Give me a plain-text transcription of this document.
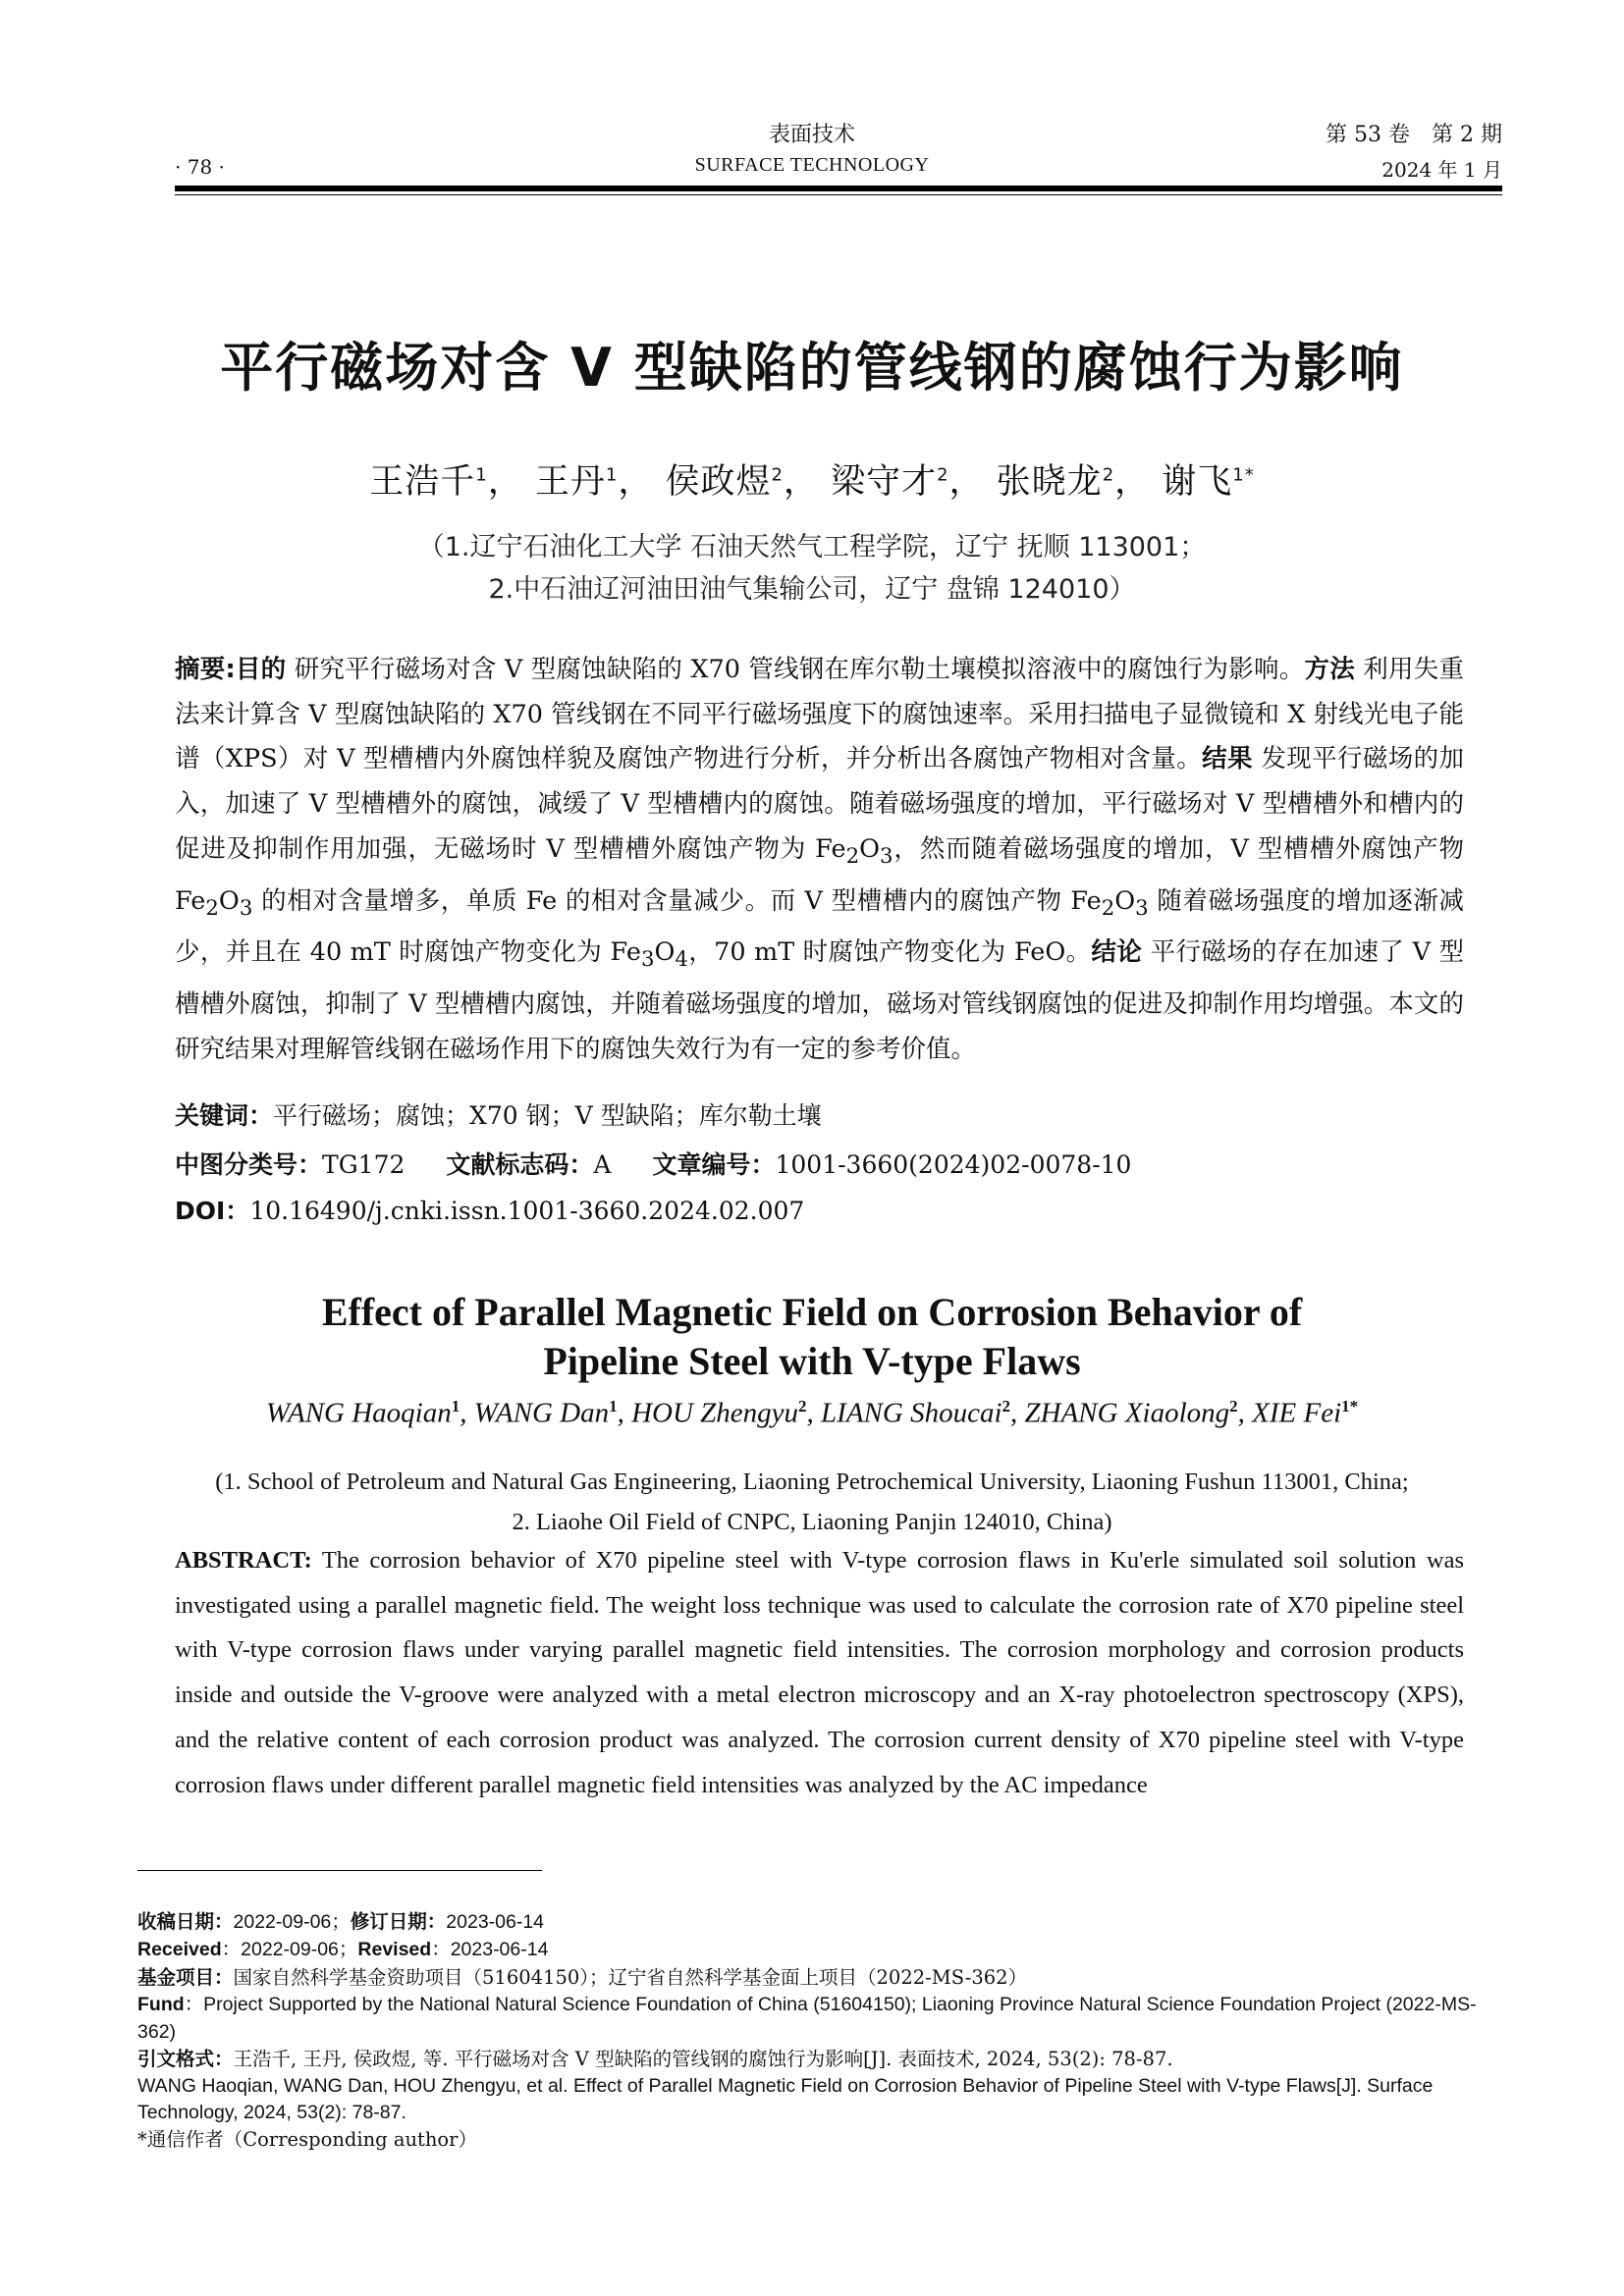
· 78 ·
表面技术
SURFACE TECHNOLOGY
第 53 卷　第 2 期
2024 年 1 月
平行磁场对含 V 型缺陷的管线钢的腐蚀行为影响
王浩千$^1$， 王丹$^1$， 侯政煜$^2$， 梁守才$^2$， 张晓龙$^2$， 谢飞$^{1*}$
（1.辽宁石油化工大学 石油天然气工程学院，辽宁 抚顺 113001；
2.中石油辽河油田油气集输公司，辽宁 盘锦 124010）
摘要:目的 研究平行磁场对含 V 型腐蚀缺陷的 X70 管线钢在库尔勒土壤模拟溶液中的腐蚀行为影响。方法 利用失重法来计算含 V 型腐蚀缺陷的 X70 管线钢在不同平行磁场强度下的腐蚀速率。采用扫描电子显微镜和 X 射线光电子能谱（XPS）对 V 型槽槽内外腐蚀样貌及腐蚀产物进行分析，并分析出各腐蚀产物相对含量。结果 发现平行磁场的加入，加速了 V 型槽槽外的腐蚀，减缓了 V 型槽槽内的腐蚀。随着磁场强度的增加，平行磁场对 V 型槽槽外和槽内的促进及抑制作用加强，无磁场时 V 型槽槽外腐蚀产物为 $Fe_2O_3$，然而随着磁场强度的增加，V 型槽槽外腐蚀产物 $Fe_2O_3$ 的相对含量增多，单质 Fe 的相对含量减少。而 V 型槽槽内的腐蚀产物 $Fe_2O_3$ 随着磁场强度的增加逐渐减少，并且在 40 mT 时腐蚀产物变化为 $Fe_3O_4$，70 mT 时腐蚀产物变化为 FeO。结论 平行磁场的存在加速了 V 型槽槽外腐蚀，抑制了 V 型槽槽内腐蚀，并随着磁场强度的增加，磁场对管线钢腐蚀的促进及抑制作用均增强。本文的研究结果对理解管线钢在磁场作用下的腐蚀失效行为有一定的参考价值。
关键词：平行磁场；腐蚀；X70 钢；V 型缺陷；库尔勒土壤
中图分类号：TG172 文献标志码：A 文章编号：1001-3660(2024)02-0078-10
DOI：10.16490/j.cnki.issn.1001-3660.2024.02.007
Effect of Parallel Magnetic Field on Corrosion Behavior of
Pipeline Steel with V-type Flaws
WANG Haoqian$^1$, WANG Dan$^1$, HOU Zhengyu$^2$, LIANG Shoucai$^2$, ZHANG Xiaolong$^2$, XIE Fei$^{1*}$
(1. School of Petroleum and Natural Gas Engineering, Liaoning Petrochemical University, Liaoning Fushun 113001, China;
2. Liaohe Oil Field of CNPC, Liaoning Panjin 124010, China)
ABSTRACT: The corrosion behavior of X70 pipeline steel with V-type corrosion flaws in Ku'erle simulated soil solution was investigated using a parallel magnetic field. The weight loss technique was used to calculate the corrosion rate of X70 pipeline steel with V-type corrosion flaws under varying parallel magnetic field intensities. The corrosion morphology and corrosion products inside and outside the V-groove were analyzed with a metal electron microscopy and an X-ray photoelectron spectroscopy (XPS), and the relative content of each corrosion product was analyzed. The corrosion current density of X70 pipeline steel with V-type corrosion flaws under different parallel magnetic field intensities was analyzed by the AC impedance

收稿日期：2022-09-06；修订日期：2023-06-14

Received：2022-09-06；Revised：2023-06-14

基金项目：国家自然科学基金资助项目（51604150）；辽宁省自然科学基金面上项目（2022-MS-362）

Fund：Project Supported by the National Natural Science Foundation of China (51604150); Liaoning Province Natural Science Foundation Project (2022-MS-362)

引文格式：王浩千, 王丹, 侯政煜, 等. 平行磁场对含 V 型缺陷的管线钢的腐蚀行为影响[J]. 表面技术, 2024, 53(2): 78-87.

WANG Haoqian, WANG Dan, HOU Zhengyu, et al. Effect of Parallel Magnetic Field on Corrosion Behavior of Pipeline Steel with V-type Flaws[J]. Surface Technology, 2024, 53(2): 78-87.

*通信作者（Corresponding author）
